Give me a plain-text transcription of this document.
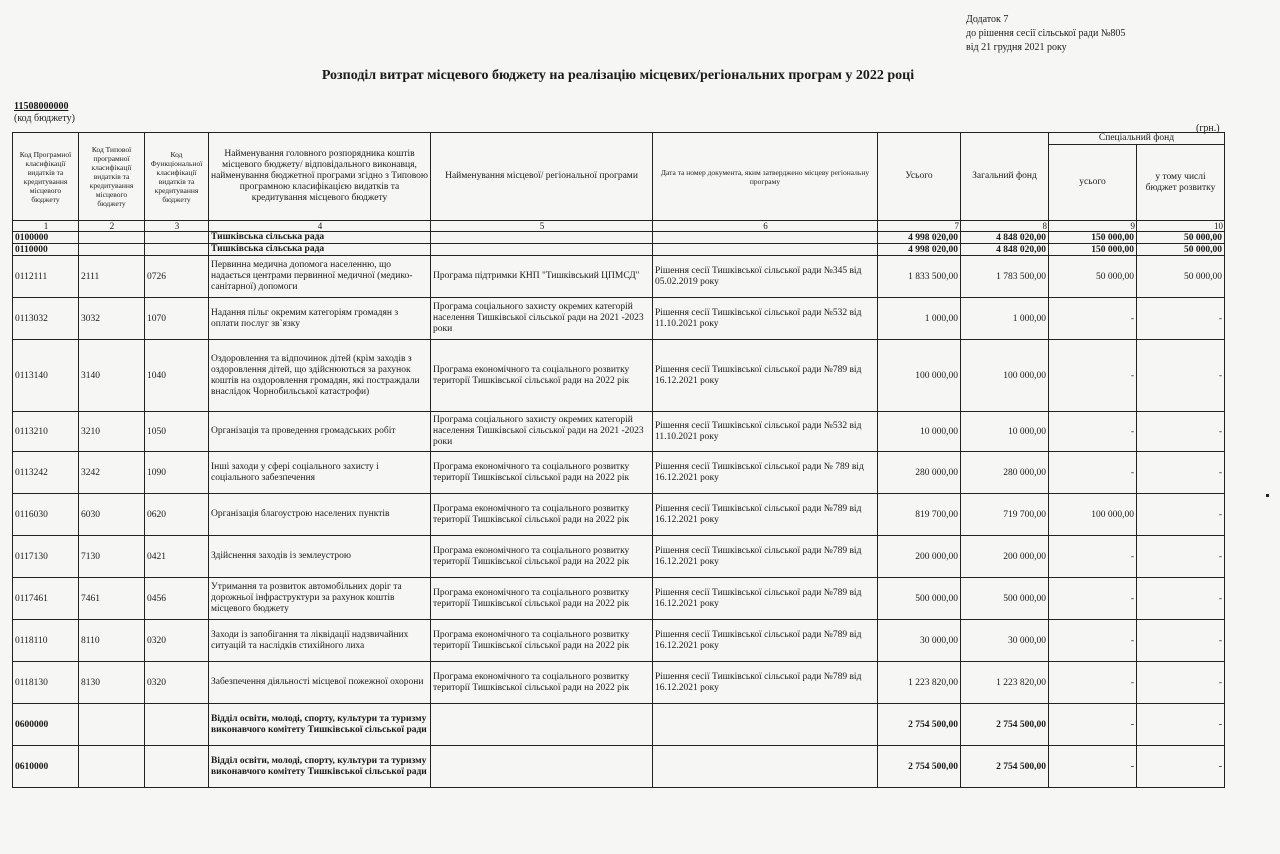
Додаток 7
до рішення сесії сільської ради №805
від 21 грудня 2021 року
Розподіл витрат місцевого бюджету на реалізацію місцевих/регіональних програм у 2022 році
11508000000
(код бюджету)
(грн.)
Код Програмної класифікації видатків та кредитування місцевого бюджету	Код Типової програмної класифікації видатків та кредитування місцевого бюджету	Код Функціональної класифікації видатків та кредитування бюджету	Найменування головного розпорядника коштів місцевого бюджету/ відповідального виконавця, найменування бюджетної програми згідно з Типовою програмною класифікацією видатків та кредитування місцевого бюджету	Найменування місцевої/ регіональної програми	Дата та номер документа, яким затверджено місцеву регіональну програму	Усього	Загальний фонд	Спеціальний фонд	
								усього	у тому числі бюджет розвитку
1	2	3	4	5	6	7	8	9	10
0100000			Тишківська сільська рада			4 998 020,00	4 848 020,00	150 000,00	50 000,00
0110000			Тишківська сільська рада			4 998 020,00	4 848 020,00	150 000,00	50 000,00
0112111	2111	0726	Первинна медична допомога населенню, що надається центрами первинної медичної (медико-санітарної) допомоги	Програма підтримки КНП "Тишківський ЦПМСД"	Рішення сесії Тишківської сільської ради №345 від 05.02.2019 року	1 833 500,00	1 783 500,00	50 000,00	50 000,00
0113032	3032	1070	Надання пільг окремим категоріям громадян з оплати послуг зв`язку	Програма соціального захисту окремих категорій населення Тишківської сільської ради на 2021 -2023 роки	Рішення сесії Тишківської сільської ради №532 від 11.10.2021 року	1 000,00	1 000,00	-	-
0113140	3140	1040	Оздоровлення та відпочинок дітей (крім заходів з оздоровлення дітей, що здійснюються за рахунок коштів на оздоровлення громадян, які постраждали внаслідок Чорнобильської катастрофи)	Програма економічного та соціального розвитку території Тишківської сільської ради на 2022 рік	Рішення сесії Тишківської сільської ради №789 від 16.12.2021 року	100 000,00	100 000,00	-	-
0113210	3210	1050	Організація та проведення громадських робіт	Програма соціального захисту окремих категорій населення Тишківської сільської ради на 2021 -2023 роки	Рішення сесії Тишківської сільської ради №532 від 11.10.2021 року	10 000,00	10 000,00	-	-
0113242	3242	1090	Інші заходи у сфері соціального захисту і соціального забезпечення	Програма економічного та соціального розвитку території Тишківської сільської ради на 2022 рік	Рішення сесії Тишківської сільської ради № 789 від 16.12.2021 року	280 000,00	280 000,00	-	-
0116030	6030	0620	Організація благоустрою населених пунктів	Програма економічного та соціального розвитку території Тишківської сільської ради на 2022 рік	Рішення сесії Тишківської сільської ради №789 від 16.12.2021 року	819 700,00	719 700,00	100 000,00	-
0117130	7130	0421	Здійснення заходів із землеустрою	Програма економічного та соціального розвитку території Тишківської сільської ради на 2022 рік	Рішення сесії Тишківської сільської ради №789 від 16.12.2021 року	200 000,00	200 000,00	-	-
0117461	7461	0456	Утримання та розвиток автомобільних доріг та дорожньої інфраструктури за рахунок коштів місцевого бюджету	Програма економічного та соціального розвитку території Тишківської сільської ради на 2022 рік	Рішення сесії Тишківської сільської ради №789 від 16.12.2021 року	500 000,00	500 000,00	-	-
0118110	8110	0320	Заходи із запобігання та ліквідації надзвичайних ситуацій та наслідків стихійного лиха	Програма економічного та соціального розвитку території Тишківської сільської ради на 2022 рік	Рішення сесії Тишківської сільської ради №789 від 16.12.2021 року	30 000,00	30 000,00	-	-
0118130	8130	0320	Забезпечення діяльності місцевої пожежної охорони	Програма економічного та соціального розвитку території Тишківської сільської ради на 2022 рік	Рішення сесії Тишківської сільської ради №789 від 16.12.2021 року	1 223 820,00	1 223 820,00	-	-
0600000			Відділ освіти, молоді, спорту, культури та туризму виконавчого комітету Тишківської сільської ради			2 754 500,00	2 754 500,00	-	-
0610000			Відділ освіти, молоді, спорту, культури та туризму виконавчого комітету Тишківської сільської ради			2 754 500,00	2 754 500,00	-	-
